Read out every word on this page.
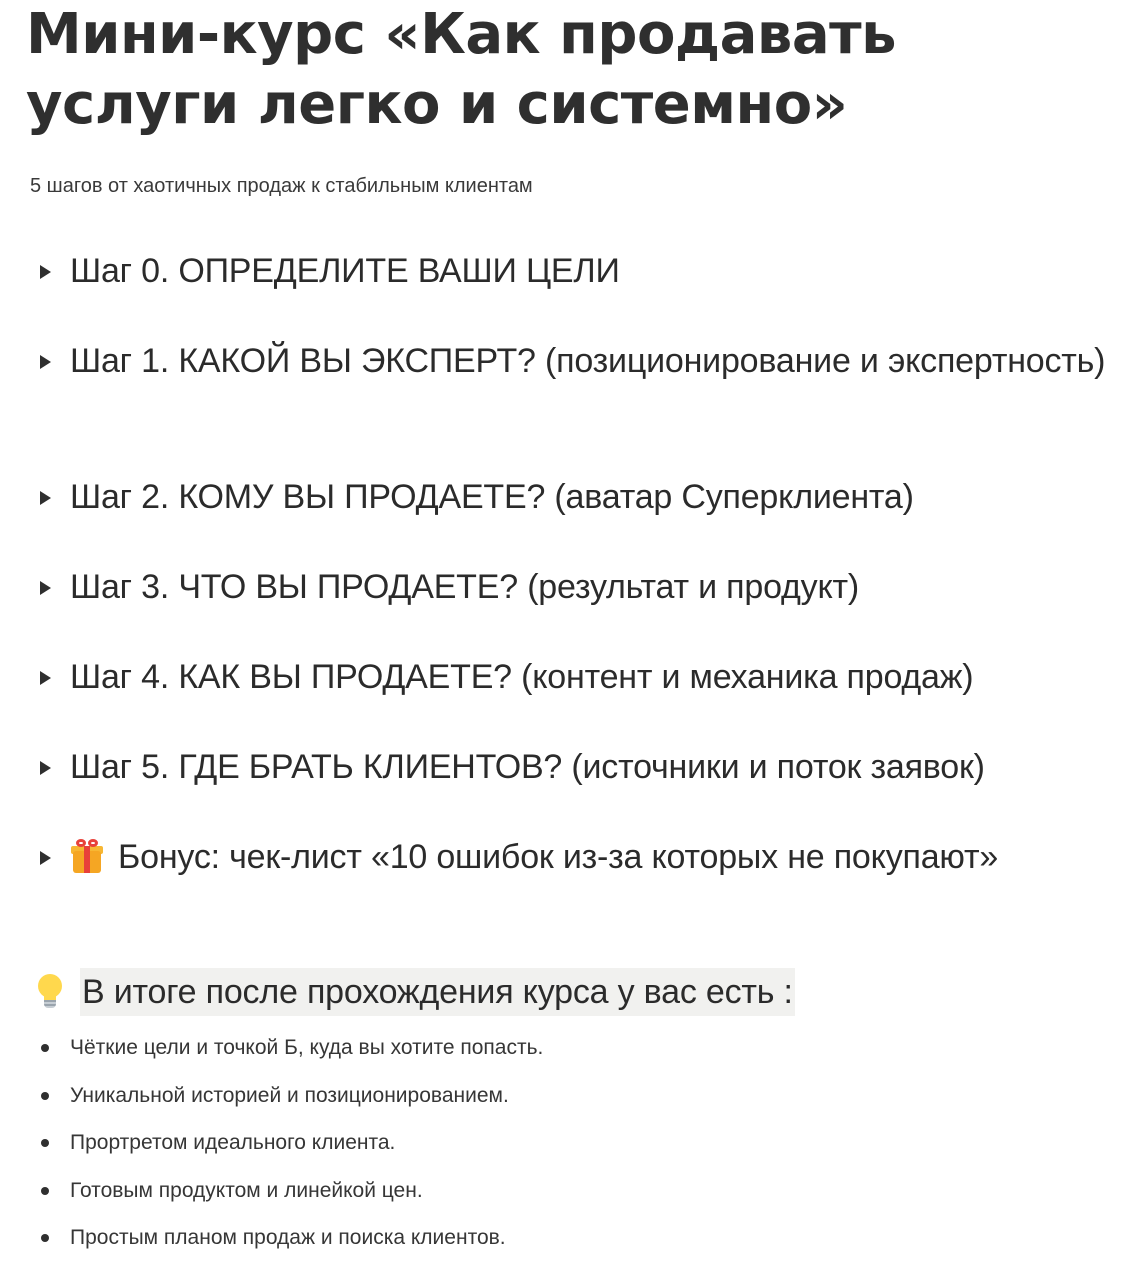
Мини-курс «Как продавать услуги легко и системно»
5 шагов от хаотичных продаж к стабильным клиентам
Шаг 0. ОПРЕДЕЛИТЕ ВАШИ ЦЕЛИ
Шаг 1. КАКОЙ ВЫ ЭКСПЕРТ? (позиционирование и экспертность)
Шаг 2. КОМУ ВЫ ПРОДАЕТЕ? (аватар Суперклиента)
Шаг 3. ЧТО ВЫ ПРОДАЕТЕ? (результат и продукт)
Шаг 4. КАК ВЫ ПРОДАЕТЕ? (контент и механика продаж)
Шаг 5. ГДЕ БРАТЬ КЛИЕНТОВ? (источники и поток заявок)
Бонус: чек-лист «10 ошибок из-за которых не покупают»
В итоге после прохождения курса у вас есть :
Чёткие цели и точкой Б, куда вы хотите попасть.
Уникальной историей и позиционированием.
Прортретом идеального клиента.
Готовым продуктом и линейкой цен.
Простым планом продаж и поиска клиентов.
